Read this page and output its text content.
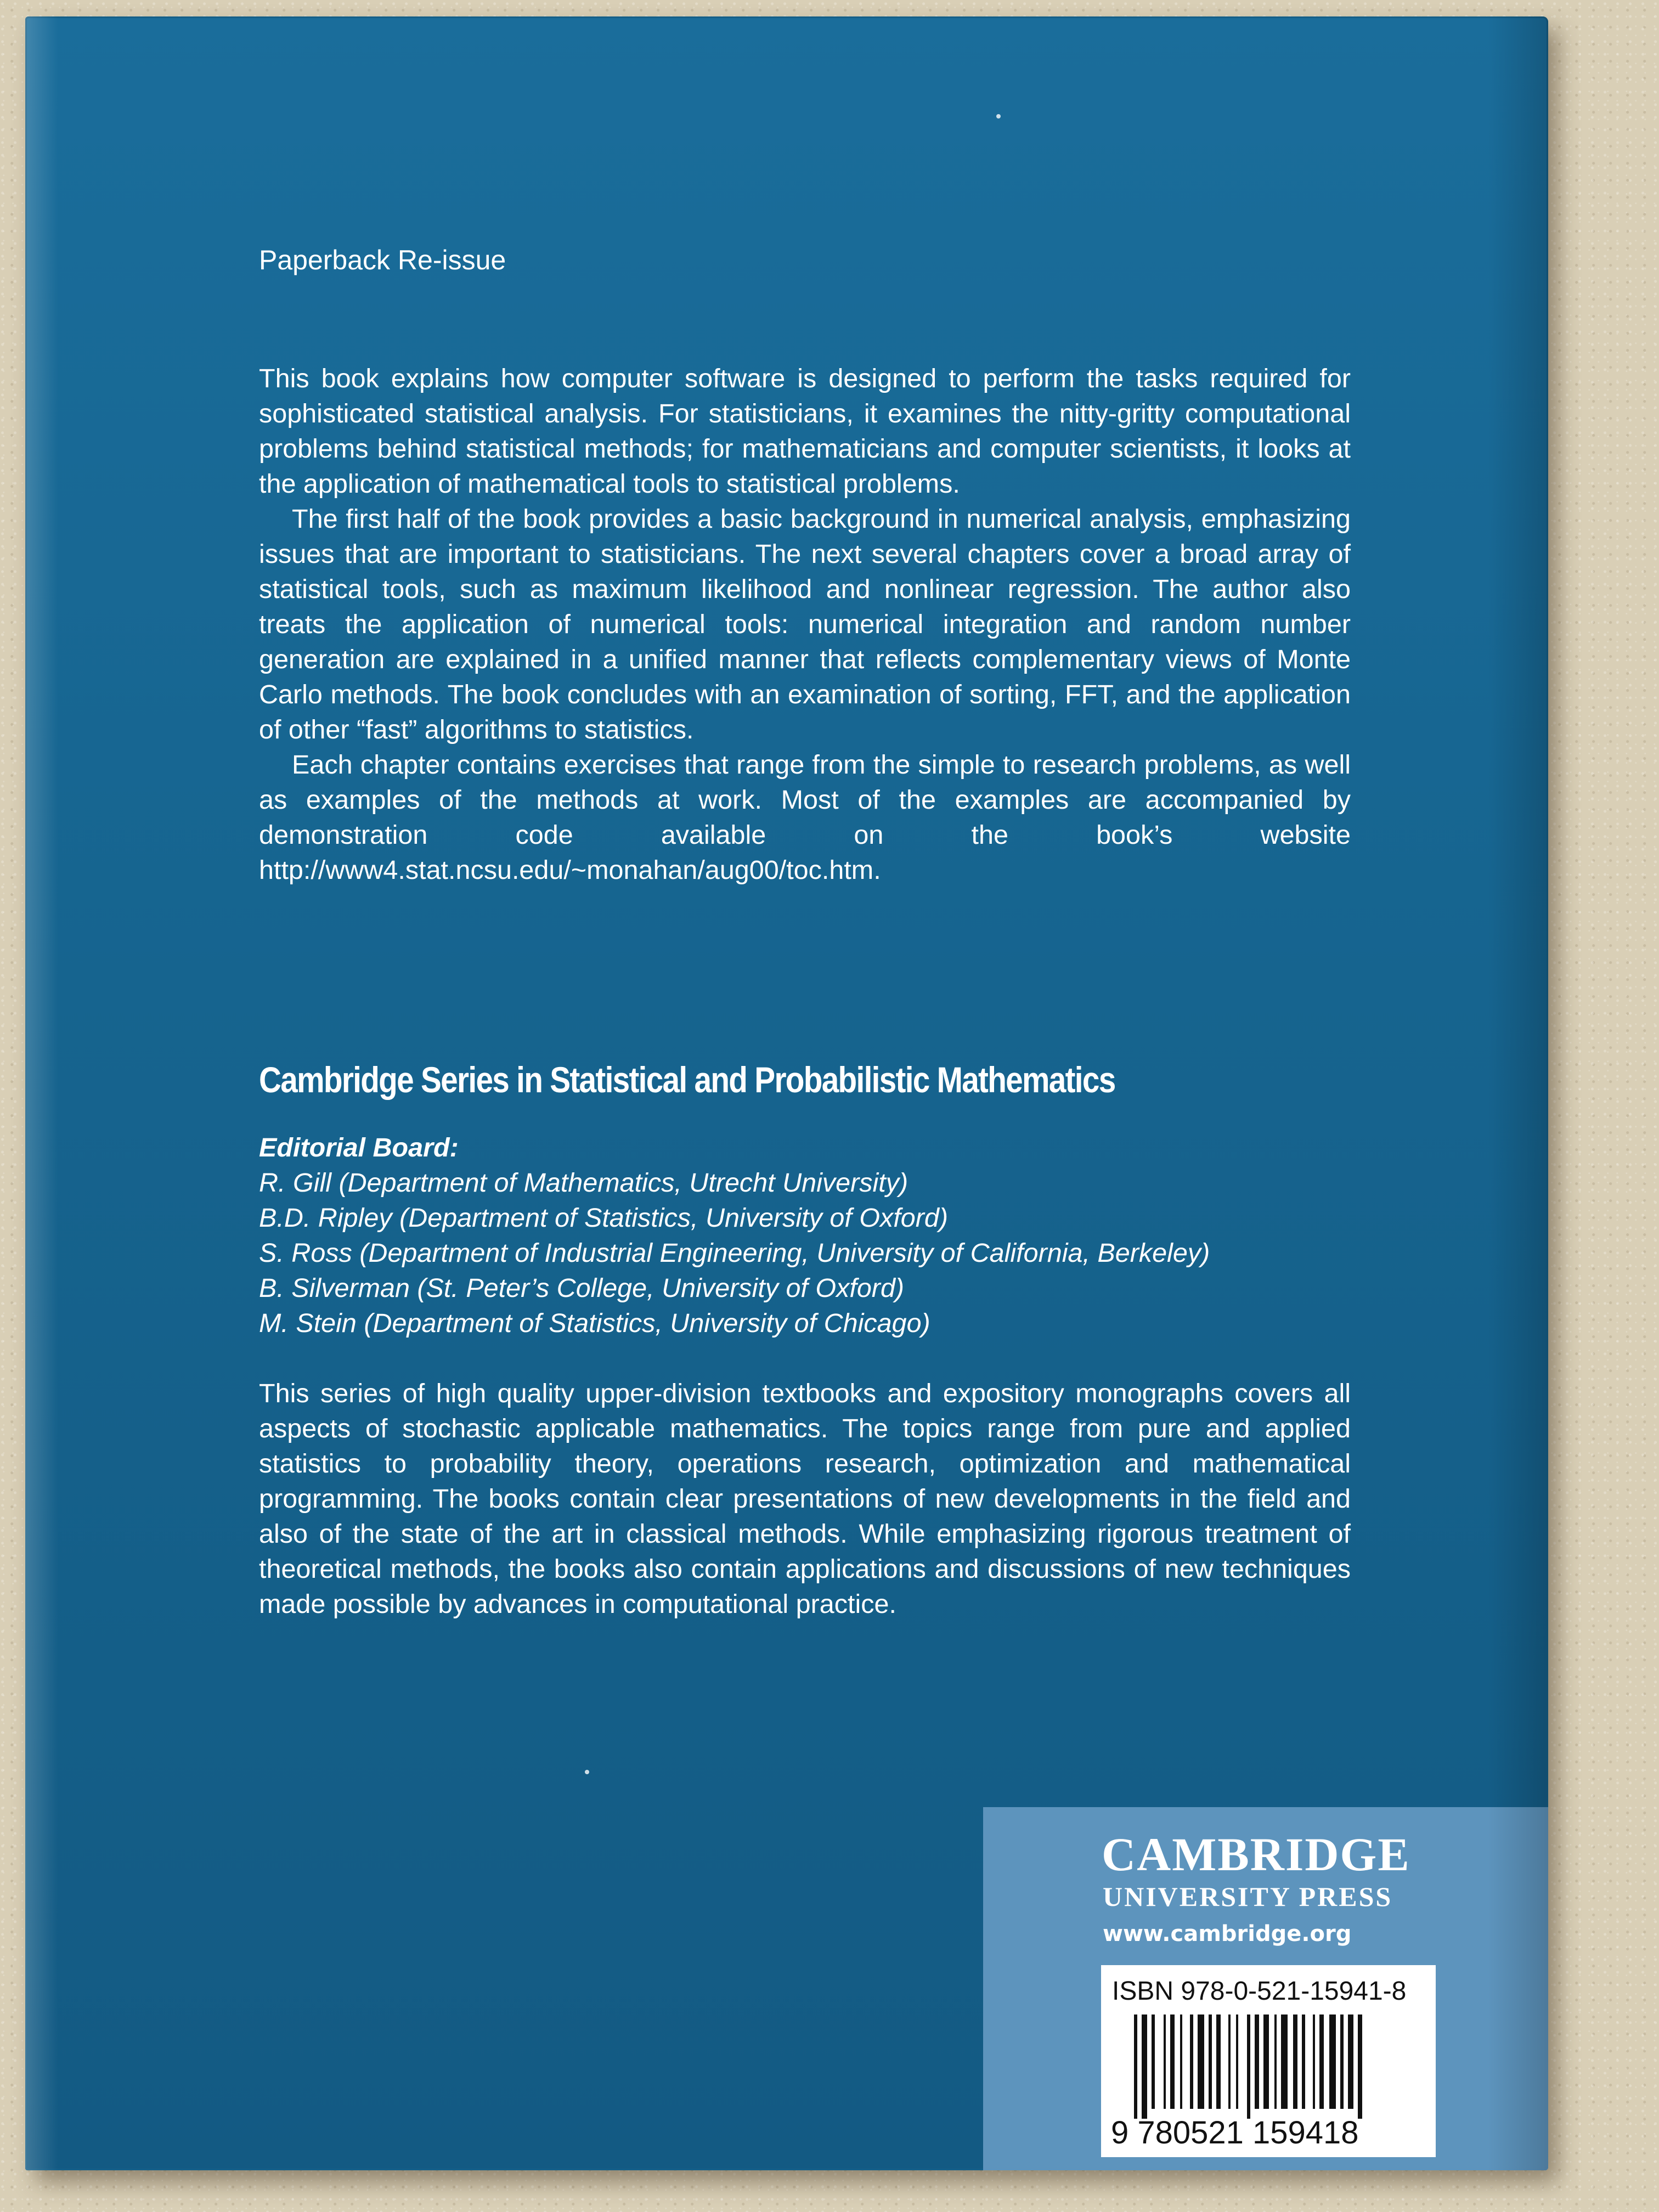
Paperback Re-issue

This book explains how computer software is designed to perform the tasks required for sophisticated statistical analysis. For statisticians, it examines the nitty-gritty computational problems behind statistical methods; for mathematicians and computer scientists, it looks at the application of mathematical tools to statistical problems.

The first half of the book provides a basic background in numerical analysis, emphasizing issues that are important to statisticians. The next several chapters cover a broad array of statistical tools, such as maximum likelihood and nonlinear regression. The author also treats the application of numerical tools: numerical integration and random number generation are explained in a unified manner that reflects complementary views of Monte Carlo methods. The book concludes with an examination of sorting, FFT, and the application of other “fast” algorithms to statistics.

Each chapter contains exercises that range from the simple to research problems, as well as examples of the methods at work. Most of the examples are accompanied by demonstration code available on the book’s website http://www4.stat.ncsu.edu/~monahan/aug00/toc.htm.

Cambridge Series in Statistical and Probabilistic Mathematics
Editorial Board:
R. Gill (Department of Mathematics, Utrecht University)
B.D. Ripley (Department of Statistics, University of Oxford)
S. Ross (Department of Industrial Engineering, University of California, Berkeley)
B. Silverman (St. Peter’s College, University of Oxford)
M. Stein (Department of Statistics, University of Chicago)

This series of high quality upper-division textbooks and expository monographs covers all aspects of stochastic applicable mathematics. The topics range from pure and applied statistics to probability theory, operations research, optimization and mathematical programming. The books contain clear presentations of new developments in the field and also of the state of the art in classical methods. While emphasizing rigorous treatment of theoretical methods, the books also contain applications and discussions of new techniques made possible by advances in computational practice.

CAMBRIDGE
UNIVERSITY PRESS
www.cambridge.org
ISBN 978-0-521-15941-8
9 780521 159418
